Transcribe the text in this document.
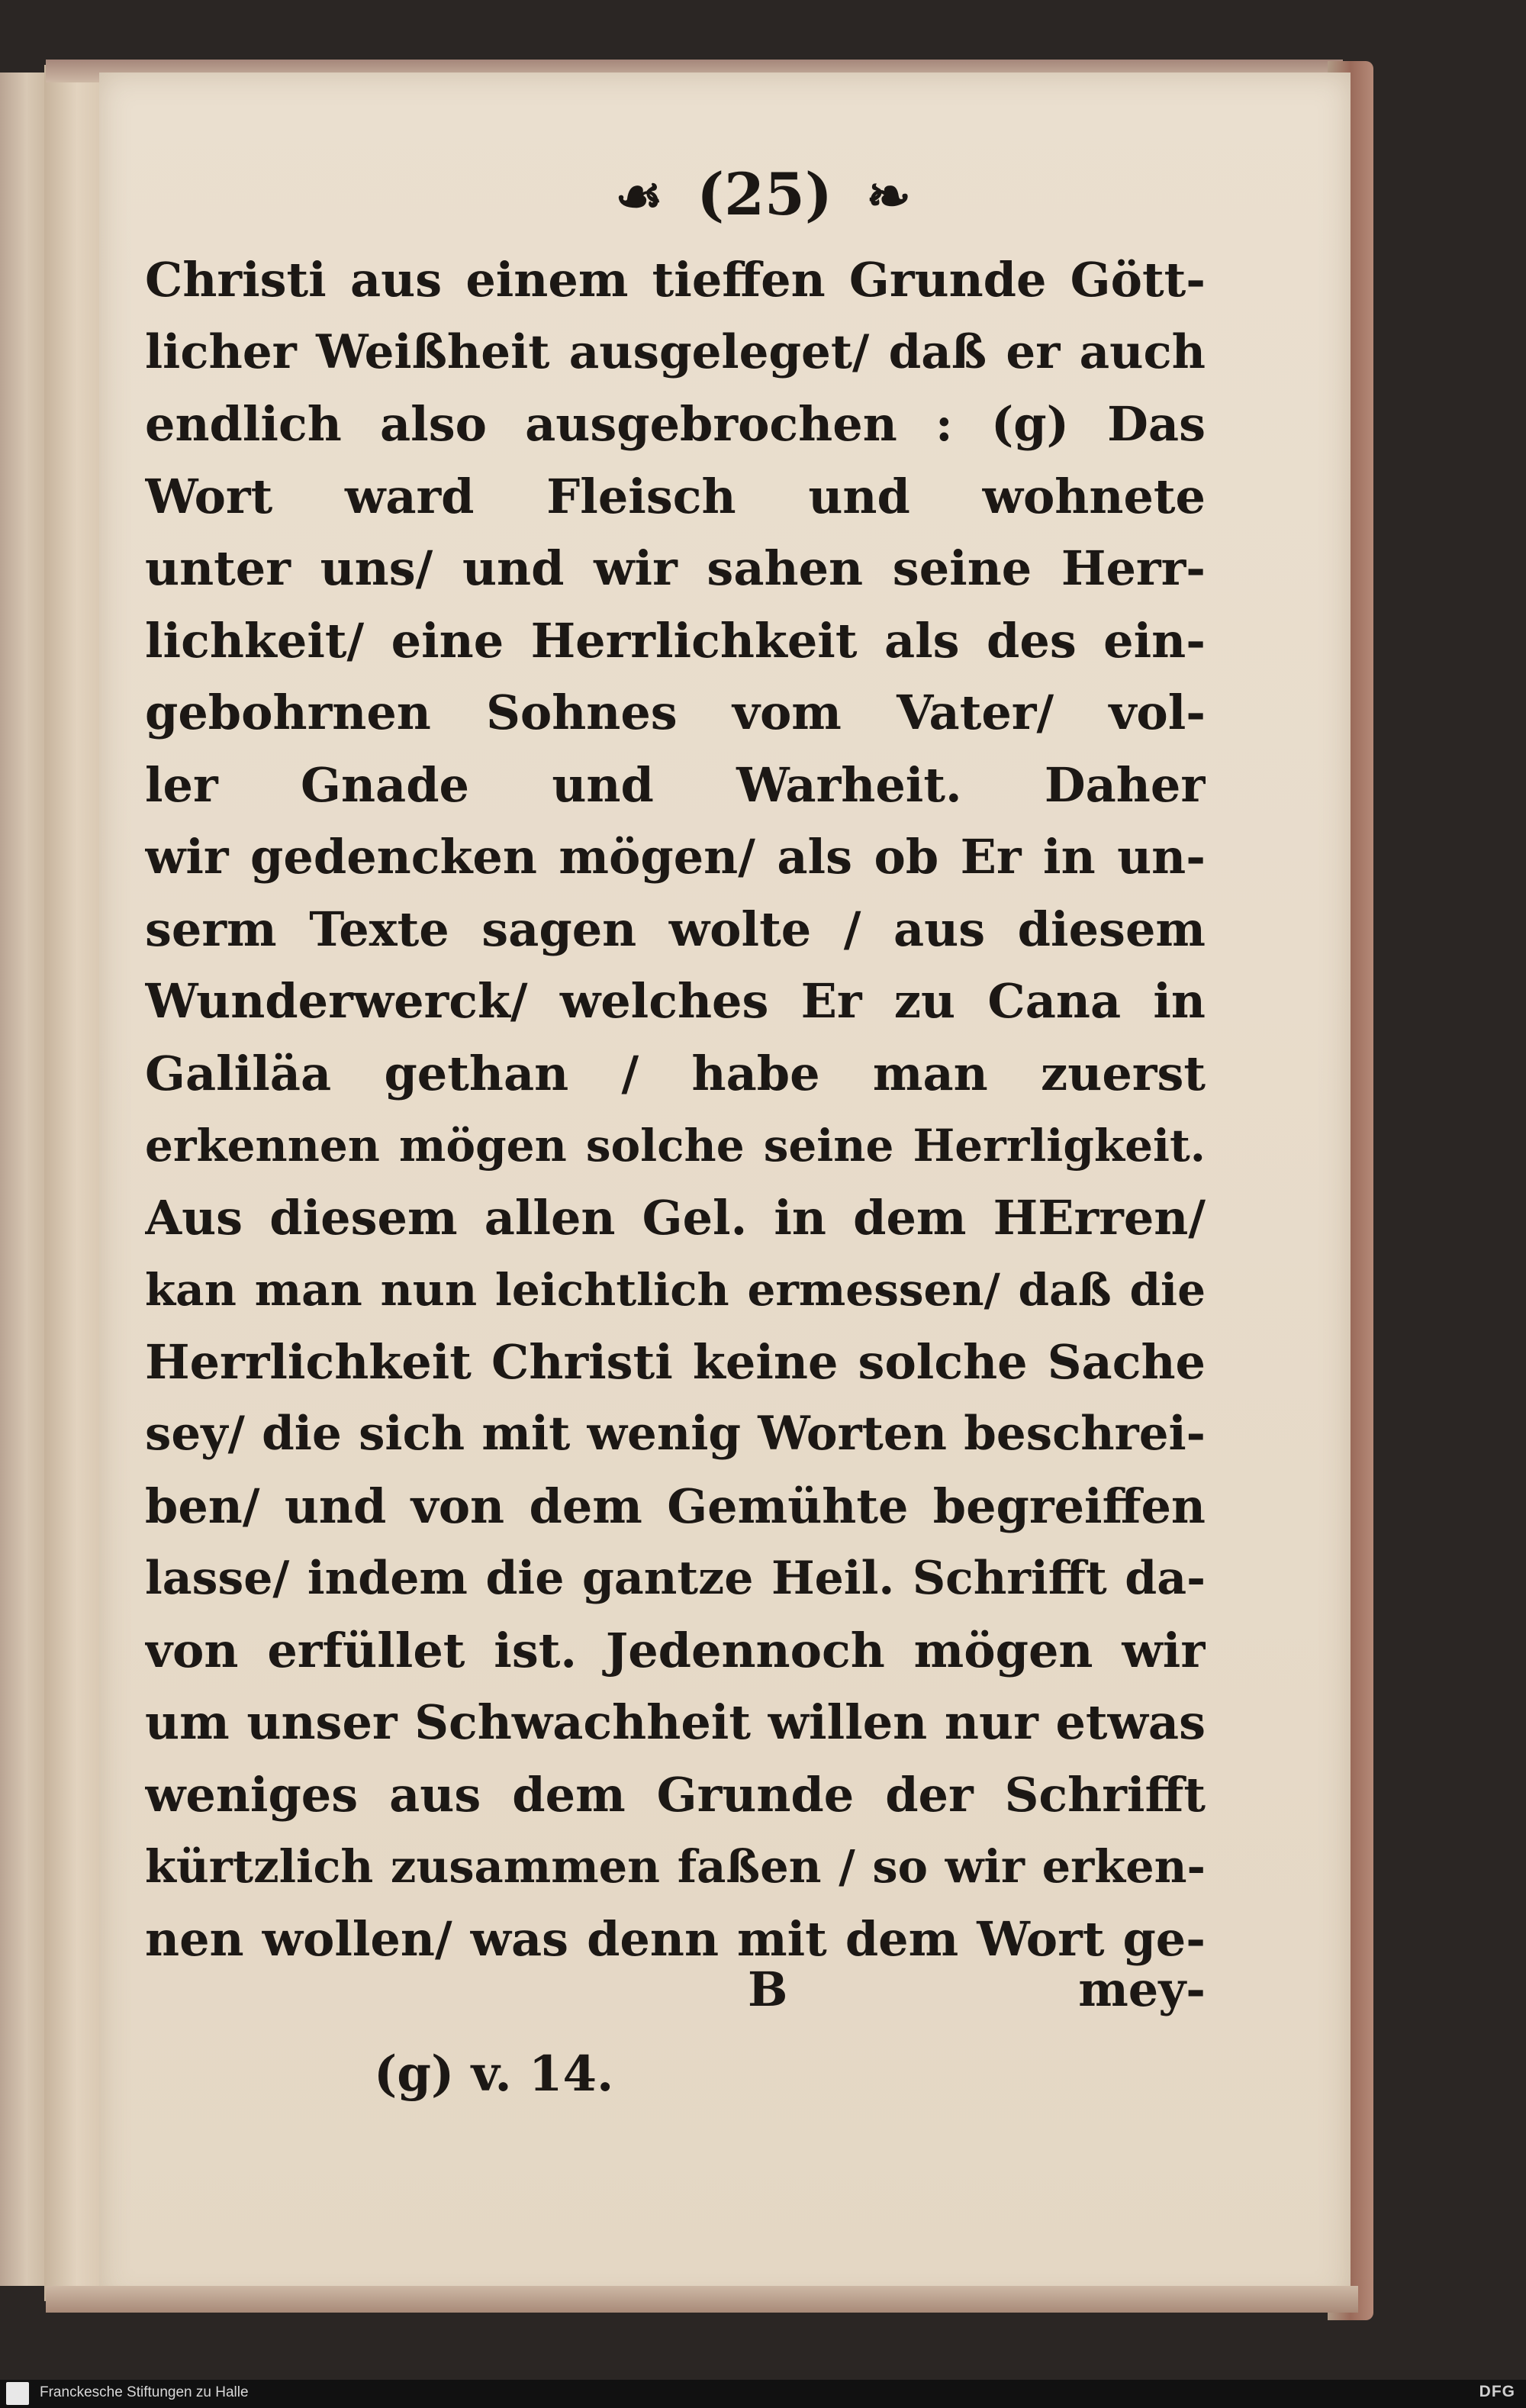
☙ (25) ❧
Christi aus einem tieffen Grunde Gött-
licher Weißheit ausgeleget/ daß er auch
endlich also ausgebrochen : (g) Das
Wort ward Fleisch und wohnete
unter uns/ und wir sahen seine Herr-
lichkeit/ eine Herrlichkeit als des ein-
gebohrnen Sohnes vom Vater/ vol-
ler Gnade und Warheit. Daher
wir gedencken mögen/ als ob Er in un-
serm Texte sagen wolte / aus diesem
Wunderwerck/ welches Er zu Cana in
Galiläa gethan / habe man zuerst
erkennen mögen solche seine Herrligkeit.
Aus diesem allen Gel. in dem HErren/
kan man nun leichtlich ermessen/ daß die
Herrlichkeit Christi keine solche Sache
sey/ die sich mit wenig Worten beschrei-
ben/ und von dem Gemühte begreiffen
lasse/ indem die gantze Heil. Schrifft da-
von erfüllet ist. Jedennoch mögen wir
um unser Schwachheit willen nur etwas
weniges aus dem Grunde der Schrifft
kürtzlich zusammen faßen / so wir erken-
nen wollen/ was denn mit dem Wort ge-
B	mey-
(g) v. 14.
Franckesche Stiftungen zu Halle	DFG
